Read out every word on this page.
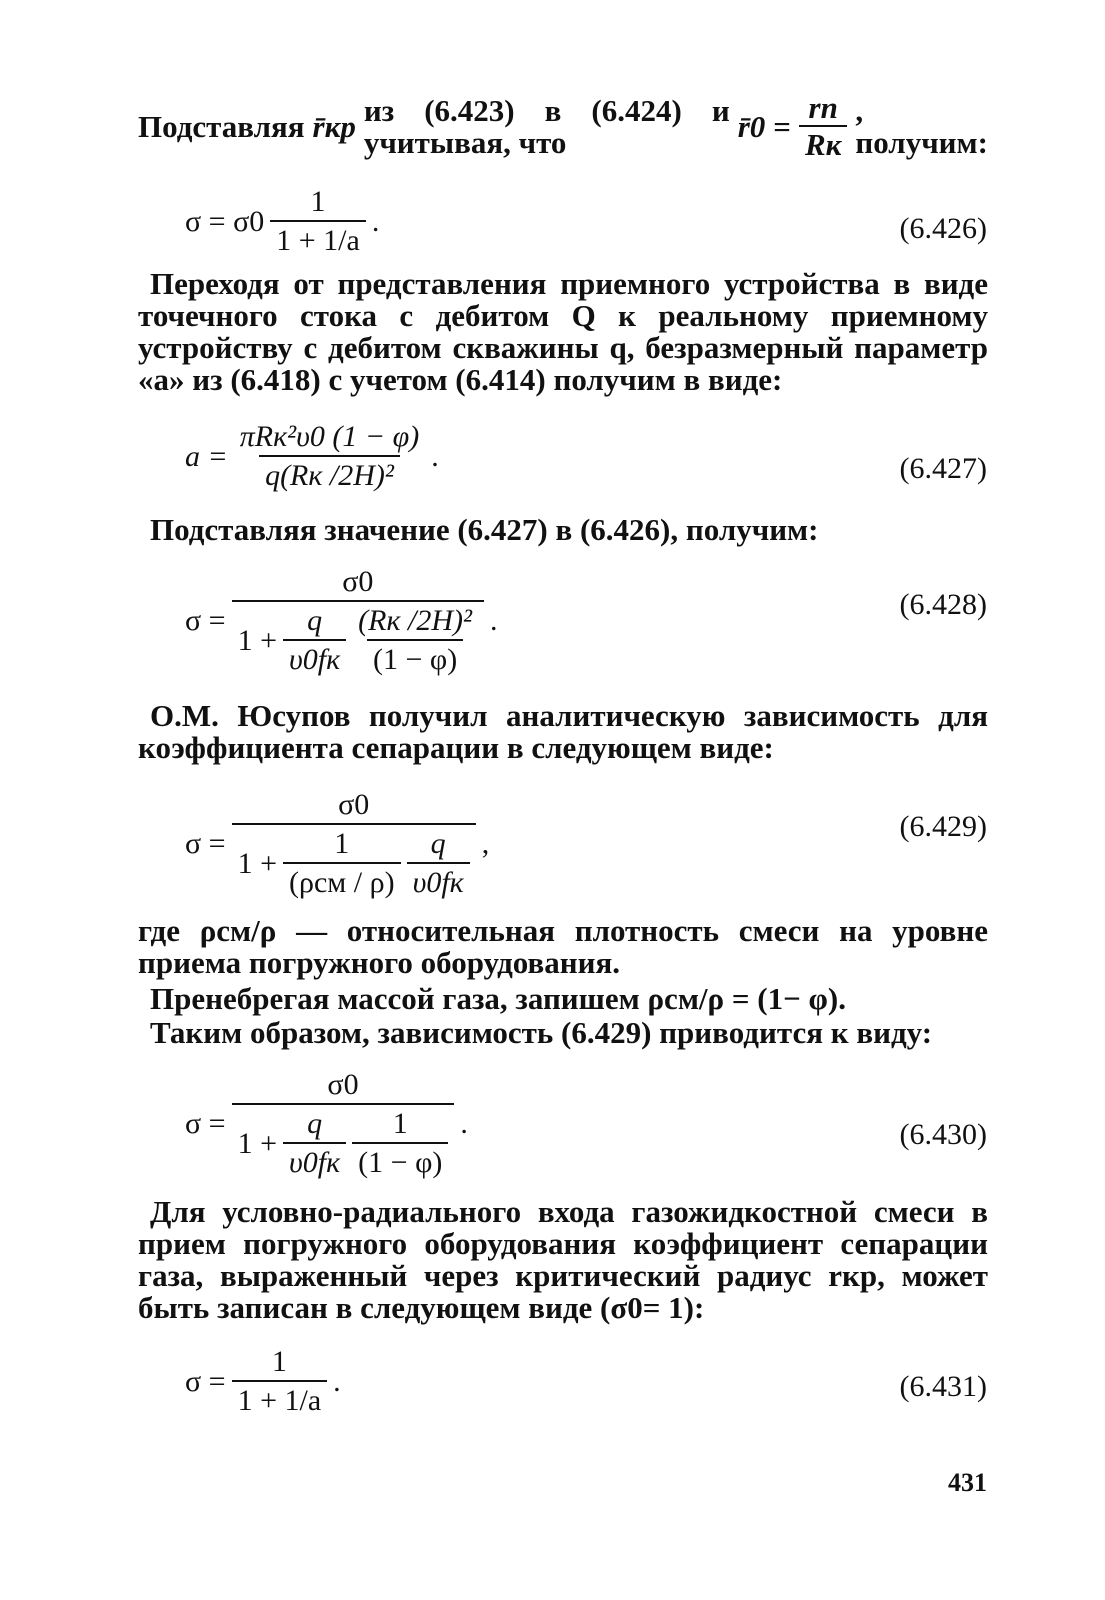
Подставляя r̄кр из (6.423) в (6.424) и учитывая, что	r̄0 = $\frac{rп}{Rк}$ , получим:
$\sigma = \sigma 0 \frac{1}{1 + 1/a}$ .	(6.426)
Переходя от представления приемного устройства в виде точечного стока с дебитом Q к реальному приемному устройству с дебитом скважины q, безразмерный параметр «a» из (6.418) с учетом (6.414) получим в виде:
$a = \frac{\text{πRк²υ0 (1 − φ)}}{\text{q(Rк /2H)²}}$ .	(6.427)
Подставляя значение (6.427) в (6.426), получим:
σ =
σ0
$1 + \frac{q}{\upsilon 0fк} \frac{\text{(Rк /2H)²}}{(1 - \varphi)}$ .	(6.428)
О.М. Юсупов получил аналитическую зависимость для коэффициента сепарации в следующем виде:
σ =
σ0
$1 + \frac{1}{\text{(ρсм / ρ)}} \frac{q}{\upsilon 0fк}$ ,
(6.429)
где ρсм/ρ — относительная плотность смеси на уровне приема погружного оборудования.
Пренебрегая массой газа, запишем ρсм/ρ = (1− φ).
Таким образом, зависимость (6.429) приводится к виду:
σ =
σ0
$1 + \frac{q}{\upsilon 0fк} \frac{1}{(1 - \varphi)}$ .	(6.430)
Для условно-радиального входа газожидкостной смеси в прием погружного оборудования коэффициент сепарации газа, выраженный через критический радиус rкр, может быть записан в следующем виде (σ0= 1):
$\sigma = \frac{1}{1 + 1/a}$ .	(6.431)
431
